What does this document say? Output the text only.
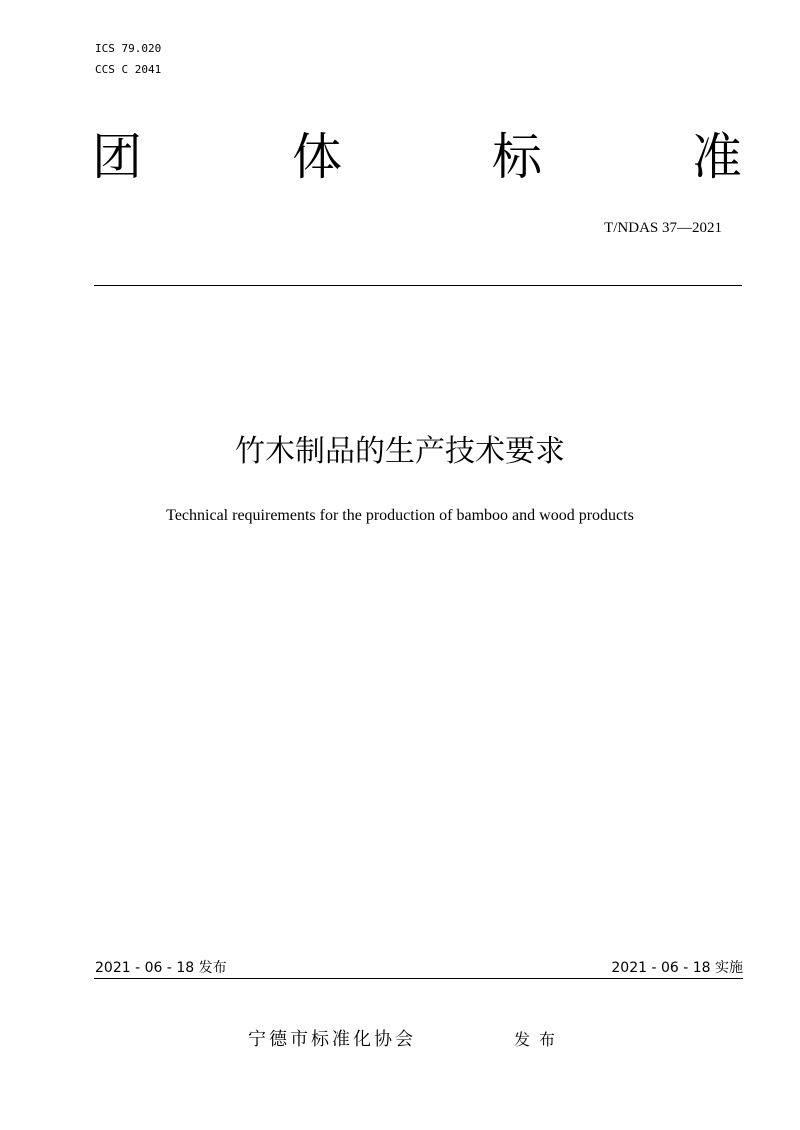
ICS 79.020
CCS C 2041
团	体	标	准
T/NDAS 37—2021
竹木制品的生产技术要求
Technical requirements for the production of bamboo and wood products
2021 - 06 - 18 发布	2021 - 06 - 18 实施
宁德市标准化协会	发布
